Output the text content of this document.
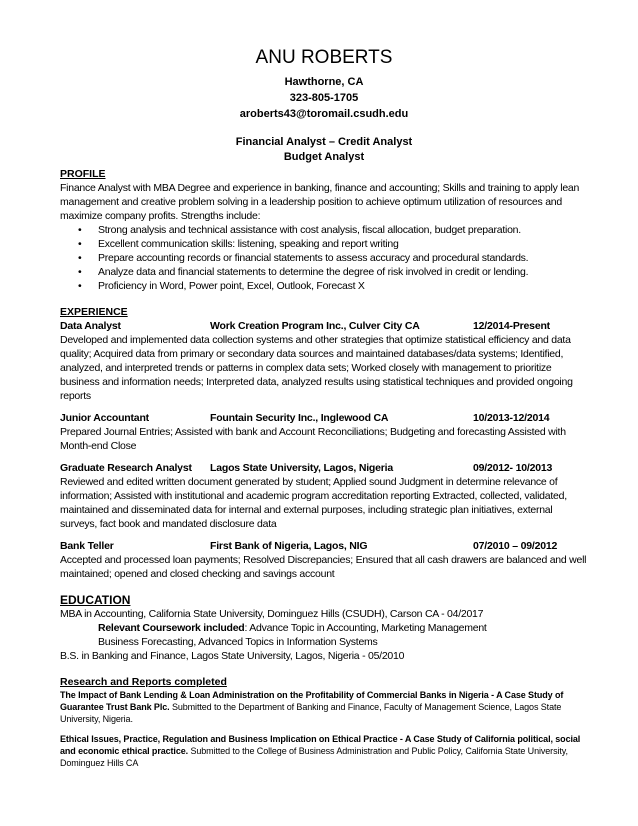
ANU ROBERTS
Hawthorne, CA
323-805-1705
aroberts43@toromail.csudh.edu
Financial Analyst – Credit Analyst
Budget Analyst
PROFILE
Finance Analyst with MBA Degree and experience in banking, finance and accounting; Skills and training to apply lean management and creative problem solving in a leadership position to achieve optimum utilization of resources and maximize company profits. Strengths include:
• Strong analysis and technical assistance with cost analysis, fiscal allocation, budget preparation.
• Excellent communication skills: listening, speaking and report writing
• Prepare accounting records or financial statements to assess accuracy and procedural standards.
• Analyze data and financial statements to determine the degree of risk involved in credit or lending.
• Proficiency in Word, Power point, Excel, Outlook, Forecast X
EXPERIENCE
Data Analyst	Work Creation Program Inc., Culver City CA	12/2014-Present
Developed and implemented data collection systems and other strategies that optimize statistical efficiency and data quality; Acquired data from primary or secondary data sources and maintained databases/data systems; Identified, analyzed, and interpreted trends or patterns in complex data sets; Worked closely with management to prioritize business and information needs; Interpreted data, analyzed results using statistical techniques and provided ongoing reports
Junior Accountant	Fountain Security Inc., Inglewood CA	10/2013-12/2014
Prepared Journal Entries; Assisted with bank and Account Reconciliations; Budgeting and forecasting Assisted with Month-end Close
Graduate Research Analyst	Lagos State University, Lagos, Nigeria	09/2012- 10/2013
Reviewed and edited written document generated by student; Applied sound Judgment in determine relevance of information; Assisted with institutional and academic program accreditation reporting Extracted, collected, validated, maintained and disseminated data for internal and external purposes, including strategic plan initiatives, external surveys, fact book and mandated disclosure data
Bank Teller	First Bank of Nigeria, Lagos, NIG	07/2010 – 09/2012
Accepted and processed loan payments; Resolved Discrepancies; Ensured that all cash drawers are balanced and well maintained; opened and closed checking and savings account
EDUCATION
MBA in Accounting, California State University, Dominguez Hills (CSUDH), Carson CA - 04/2017
Relevant Coursework included: Advance Topic in Accounting, Marketing Management
Business Forecasting, Advanced Topics in Information Systems
B.S. in Banking and Finance, Lagos State University, Lagos, Nigeria - 05/2010
Research and Reports completed
The Impact of Bank Lending & Loan Administration on the Profitability of Commercial Banks in Nigeria - A Case Study of Guarantee Trust Bank Plc. Submitted to the Department of Banking and Finance, Faculty of Management Science, Lagos State University, Nigeria.
Ethical Issues, Practice, Regulation and Business Implication on Ethical Practice - A Case Study of California political, social and economic ethical practice. Submitted to the College of Business Administration and Public Policy, California State University, Dominguez Hills CA
